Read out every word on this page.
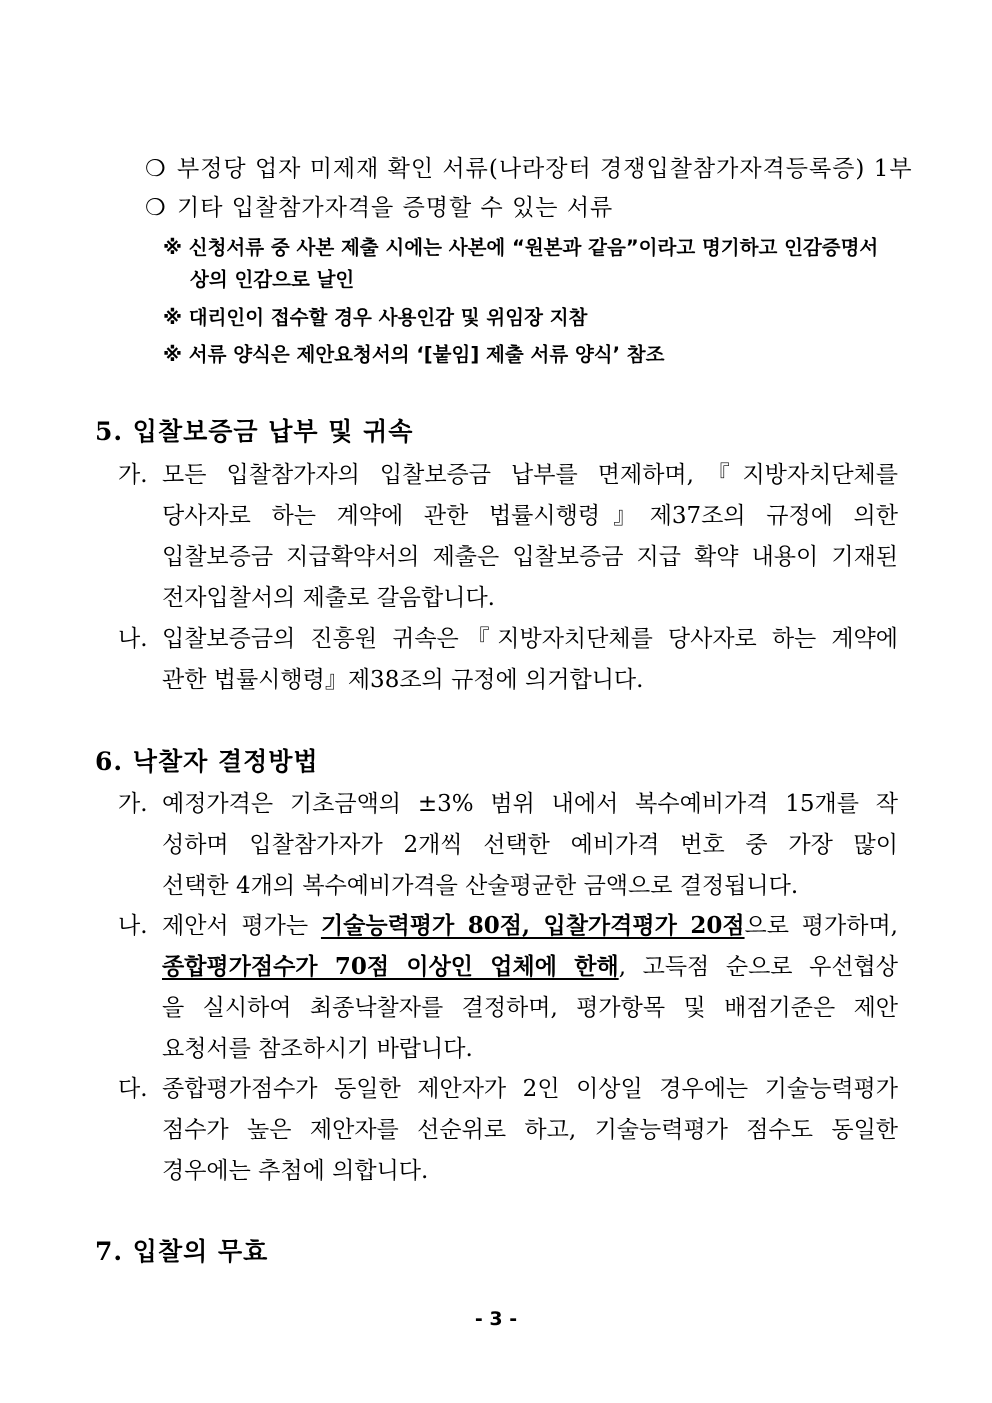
❍ 부정당 업자 미제재 확인 서류(나라장터 경쟁입찰참가자격등록증) 1부
❍ 기타 입찰참가자격을 증명할 수 있는 서류
※ 신청서류 중 사본 제출 시에는 사본에 “원본과 같음”이라고 명기하고 인감증명서
상의 인감으로 날인
※ 대리인이 접수할 경우 사용인감 및 위임장 지참
※ 서류 양식은 제안요청서의 ‘[붙임] 제출 서류 양식’ 참조
5. 입찰보증금 납부 및 귀속
가. 모든 입찰참가자의 입찰보증금 납부를 면제하며,『지방자치단체를
당사자로 하는 계약에 관한 법률시행령』제37조의 규정에 의한
입찰보증금 지급확약서의 제출은 입찰보증금 지급 확약 내용이 기재된
전자입찰서의 제출로 갈음합니다.
나. 입찰보증금의 진흥원 귀속은『지방자치단체를 당사자로 하는 계약에
관한 법률시행령』제38조의 규정에 의거합니다.
6. 낙찰자 결정방법
가. 예정가격은 기초금액의 ±3% 범위 내에서 복수예비가격 15개를 작
성하며 입찰참가자가 2개씩 선택한 예비가격 번호 중 가장 많이
선택한 4개의 복수예비가격을 산술평균한 금액으로 결정됩니다.
나. 제안서 평가는 기술능력평가 80점, 입찰가격평가 20점으로 평가하며,
종합평가점수가 70점 이상인 업체에 한해, 고득점 순으로 우선협상
을 실시하여 최종낙찰자를 결정하며, 평가항목 및 배점기준은 제안
요청서를 참조하시기 바랍니다.
다. 종합평가점수가 동일한 제안자가 2인 이상일 경우에는 기술능력평가
점수가 높은 제안자를 선순위로 하고, 기술능력평가 점수도 동일한
경우에는 추첨에 의합니다.
7. 입찰의 무효
- 3 -
